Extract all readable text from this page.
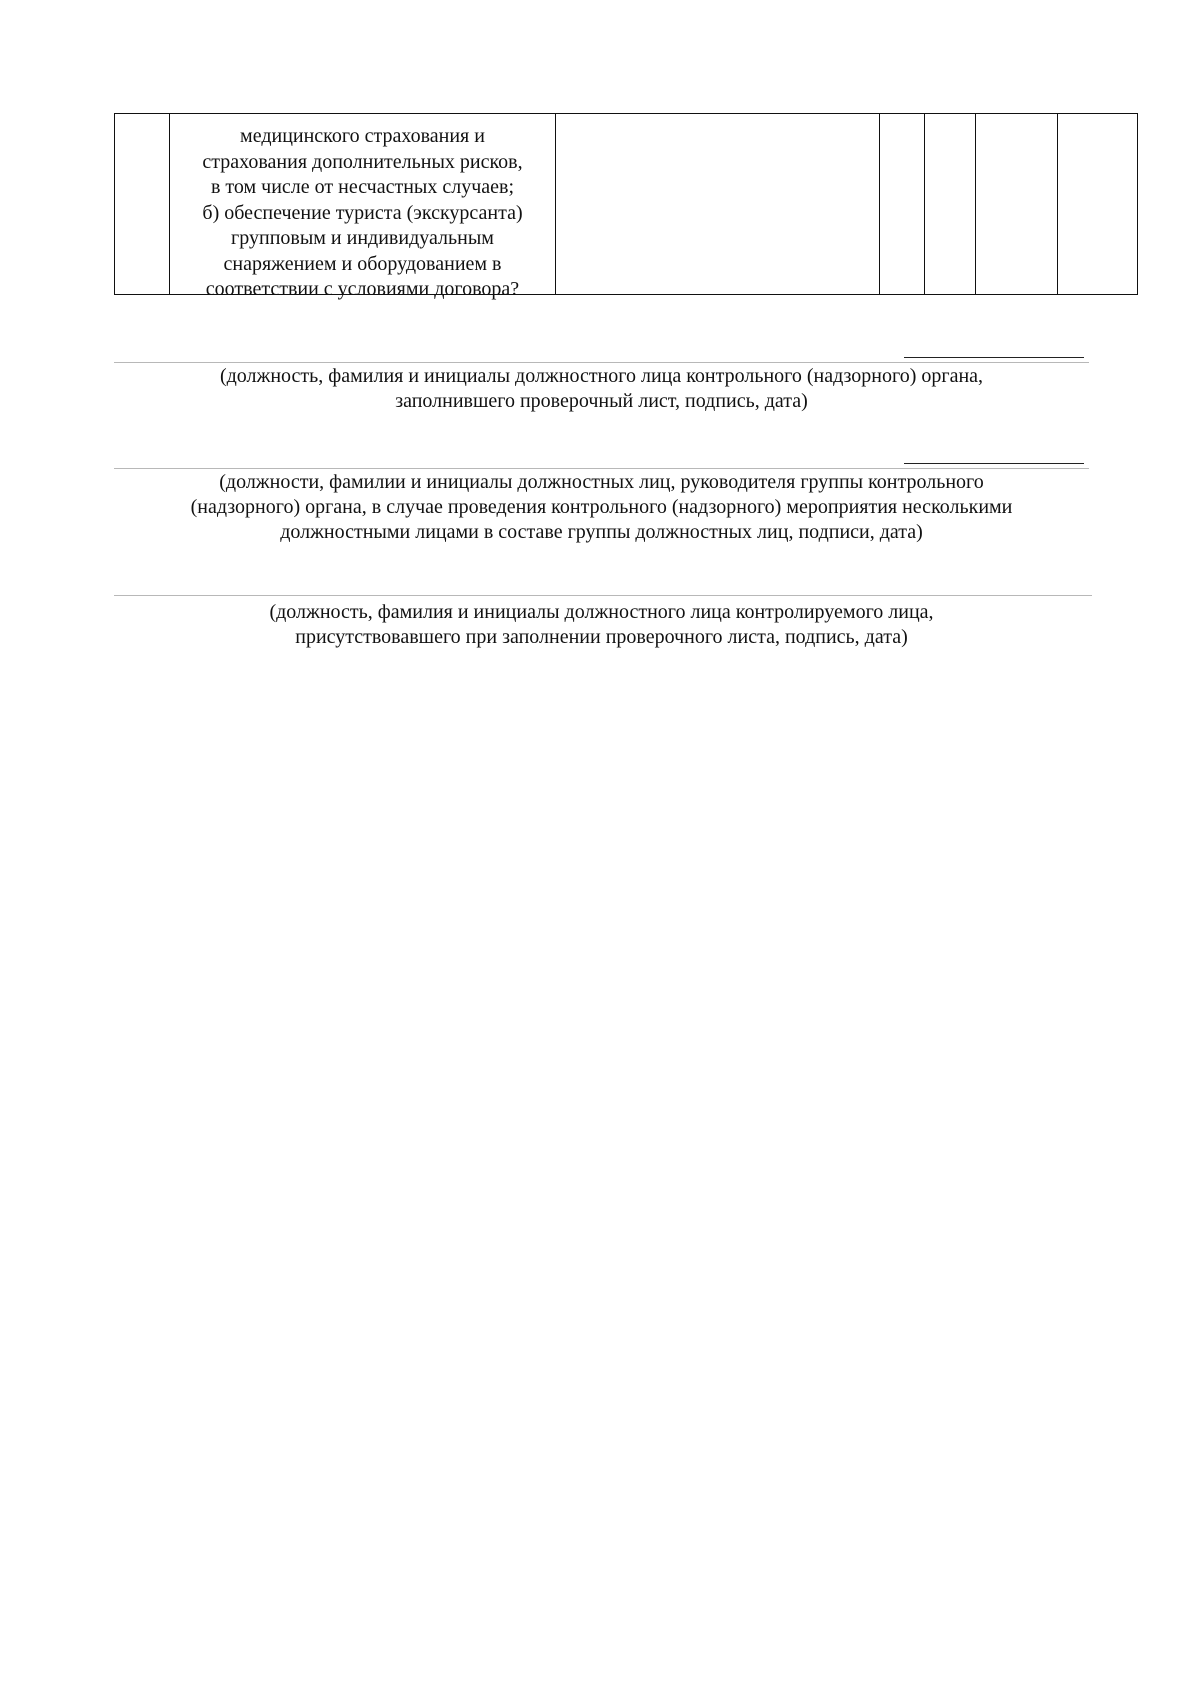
медицинского страхования и
страхования дополнительных рисков,
в том числе от несчастных случаев;
б) обеспечение туриста (экскурсанта)
групповым и индивидуальным
снаряжением и оборудованием в
соответствии с условиями договора?

(должность, фамилия и инициалы должностного лица контрольного (надзорного) органа,
заполнившего проверочный лист, подпись, дата)
(должности, фамилии и инициалы должностных лиц, руководителя группы контрольного
(надзорного) органа, в случае проведения контрольного (надзорного) мероприятия несколькими
должностными лицами в составе группы должностных лиц, подписи, дата)
(должность, фамилия и инициалы должностного лица контролируемого лица,
присутствовавшего при заполнении проверочного листа, подпись, дата)
